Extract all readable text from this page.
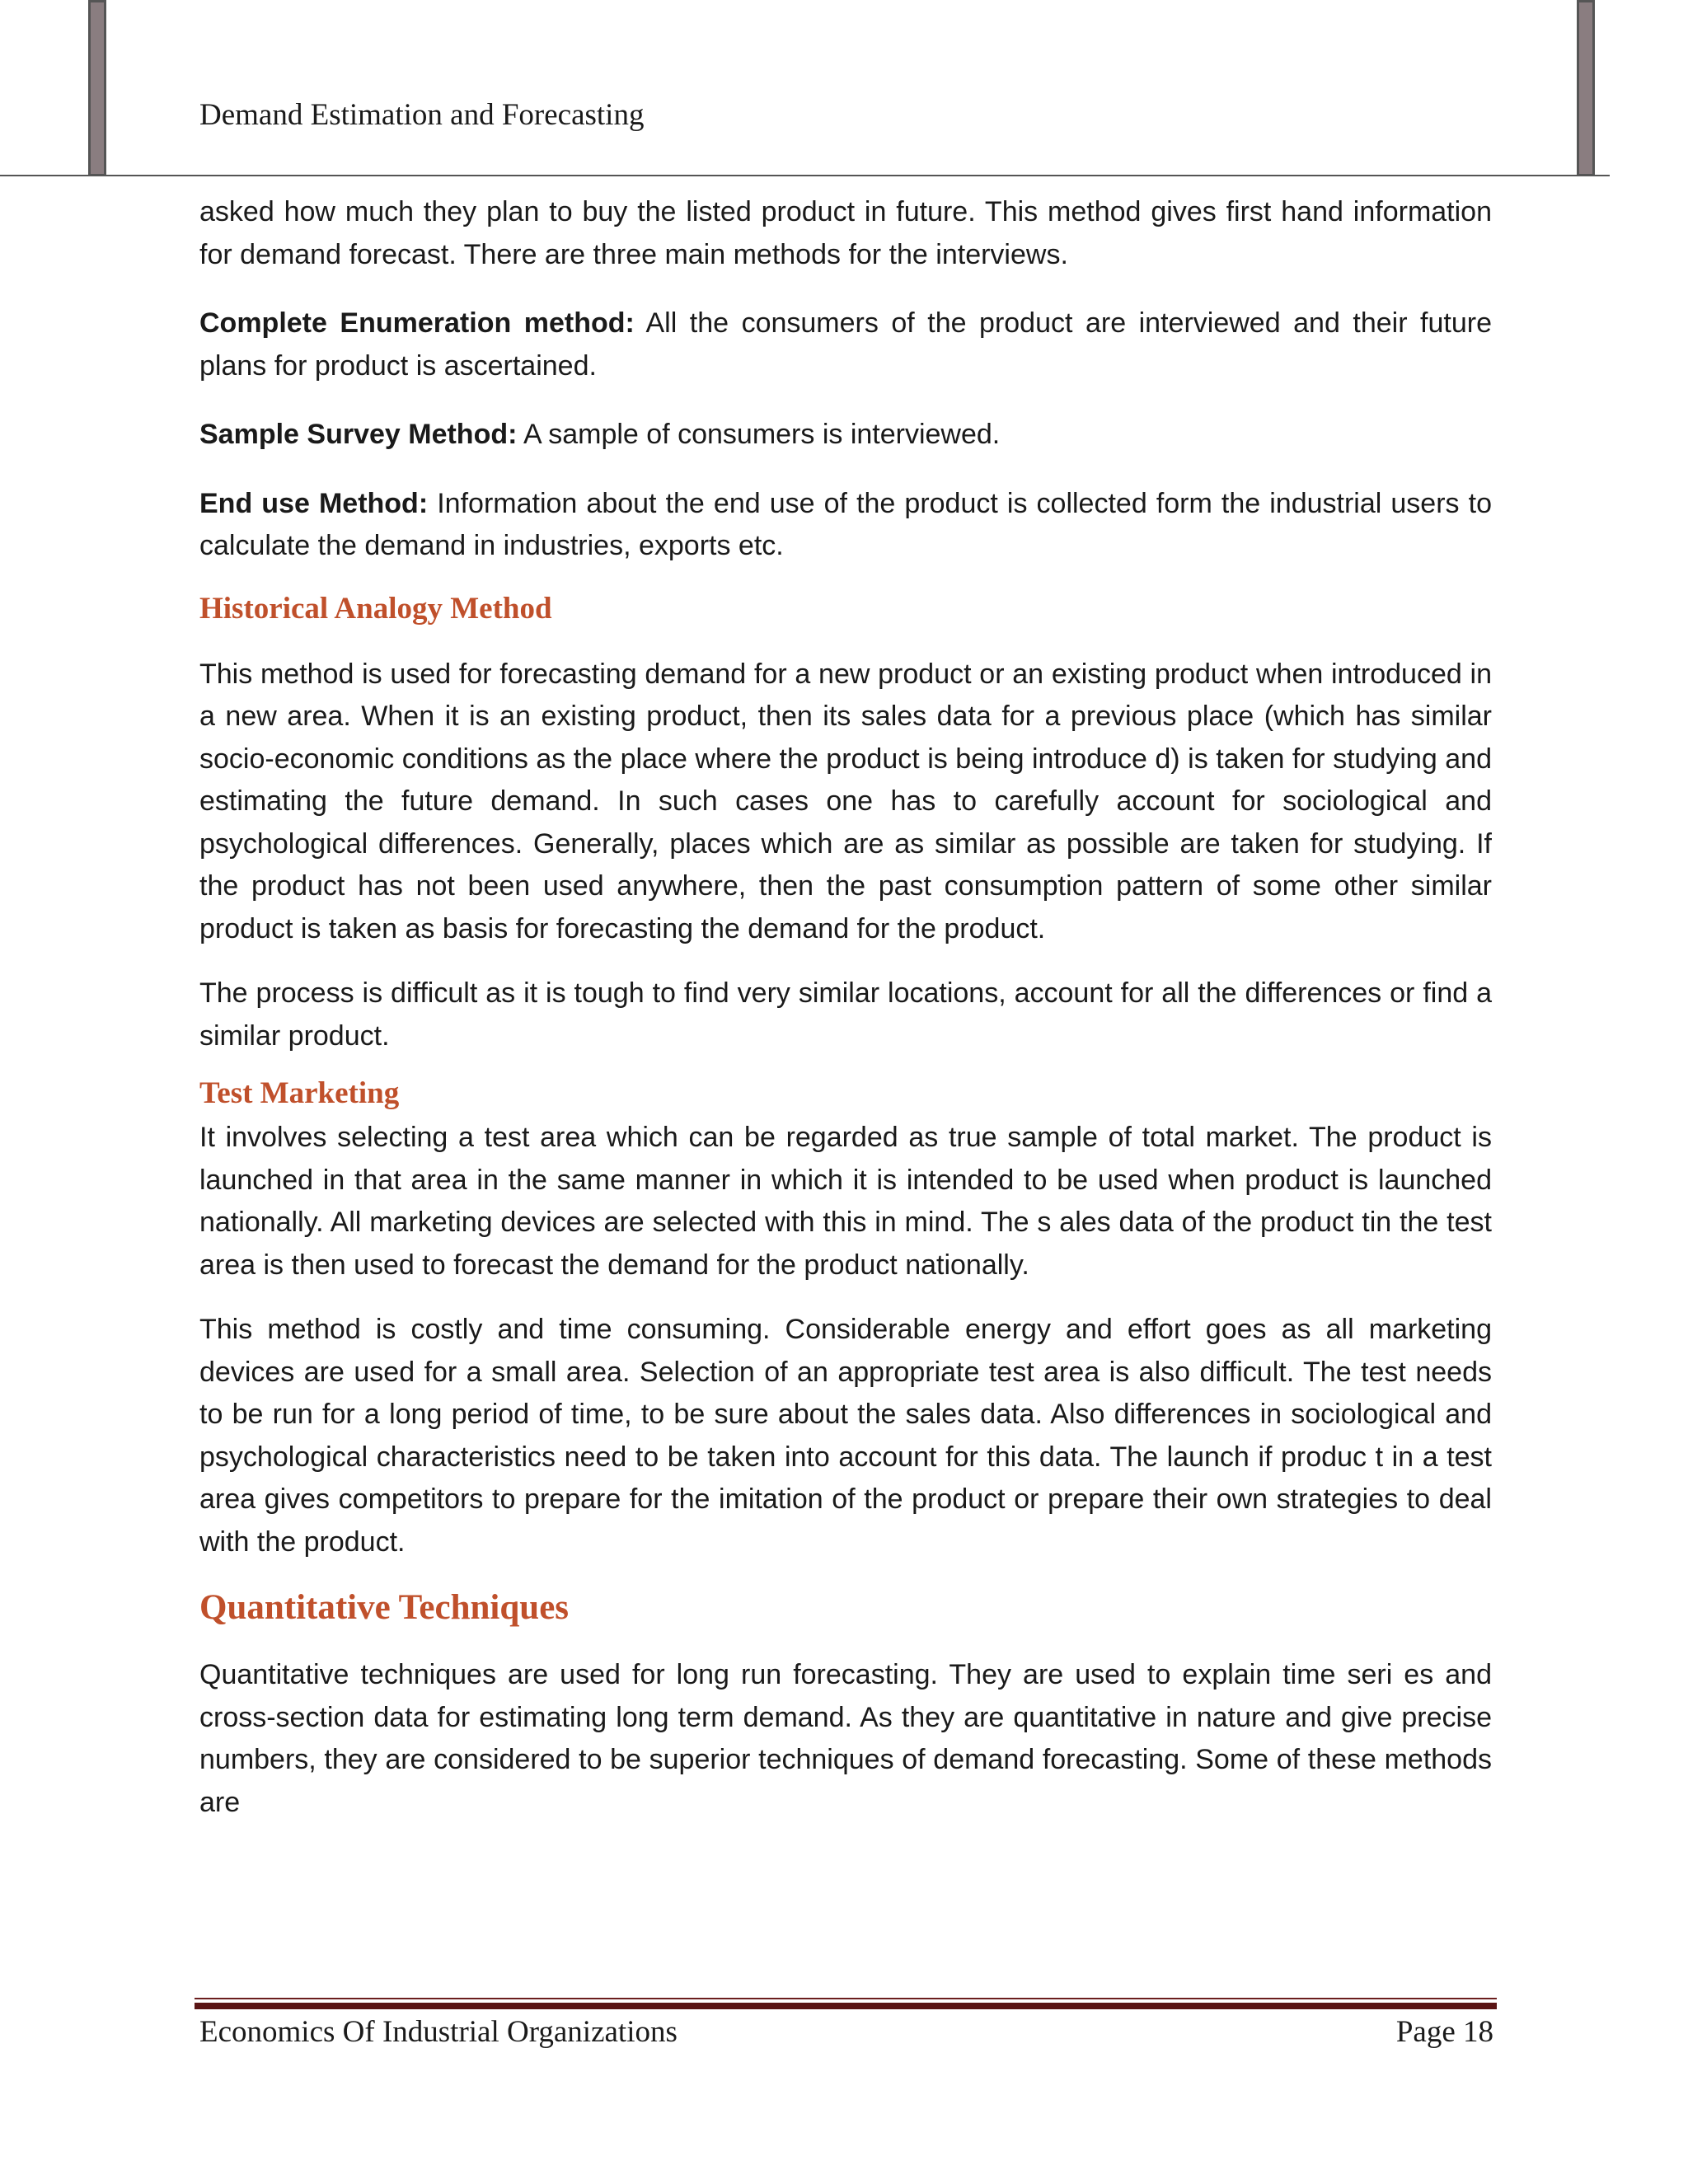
Demand Estimation and Forecasting

asked how much they plan to buy the listed product in future. This method gives first hand information for demand forecast. There are three main methods for the interviews.

Complete Enumeration method: All the consumers of the product are interviewed and their future plans for product is ascertained.

Sample Survey Method: A sample of consumers is interviewed.

End use Method: Information about the end use of the product is collected form the industrial users to calculate the demand in industries, exports etc.

Historical Analogy Method

This method is used for forecasting demand for a new product or an existing product when introduced in a new area. When it is an existing product, then its sales data for a previous place (which has similar socio-economic conditions as the place where the product is being introduce d) is taken for studying and estimating the future demand. In such cases one has to carefully account for sociological and psychological differences. Generally, places which are as similar as possible are taken for studying. If the product has not been used anywhere, then the past consumption pattern of some other similar product is taken as basis for forecasting the demand for the product.

The process is difficult as it is tough to find very similar locations, account for all the differences or find a similar product.

Test Marketing

It involves selecting a test area which can be regarded as true sample of total market. The product is launched in that area in the same manner in which it is intended to be used when product is launched nationally. All marketing devices are selected with this in mind. The s ales data of the product tin the test area is then used to forecast the demand for the product nationally.

This method is costly and time consuming. Considerable energy and effort goes as all marketing devices are used for a small area. Selection of an appropriate test area is also difficult. The test needs to be run for a long period of time, to be sure about the sales data. Also differences in sociological and psychological characteristics need to be taken into account for this data. The launch if produc t in a test area gives competitors to prepare for the imitation of the product or prepare their own strategies to deal with the product.

Quantitative Techniques

Quantitative techniques are used for long run forecasting. They are used to explain time seri es and cross-section data for estimating long term demand. As they are quantitative in nature and give precise numbers, they are considered to be superior techniques of demand forecasting. Some of these methods are

Economics Of Industrial Organizations	Page 18
